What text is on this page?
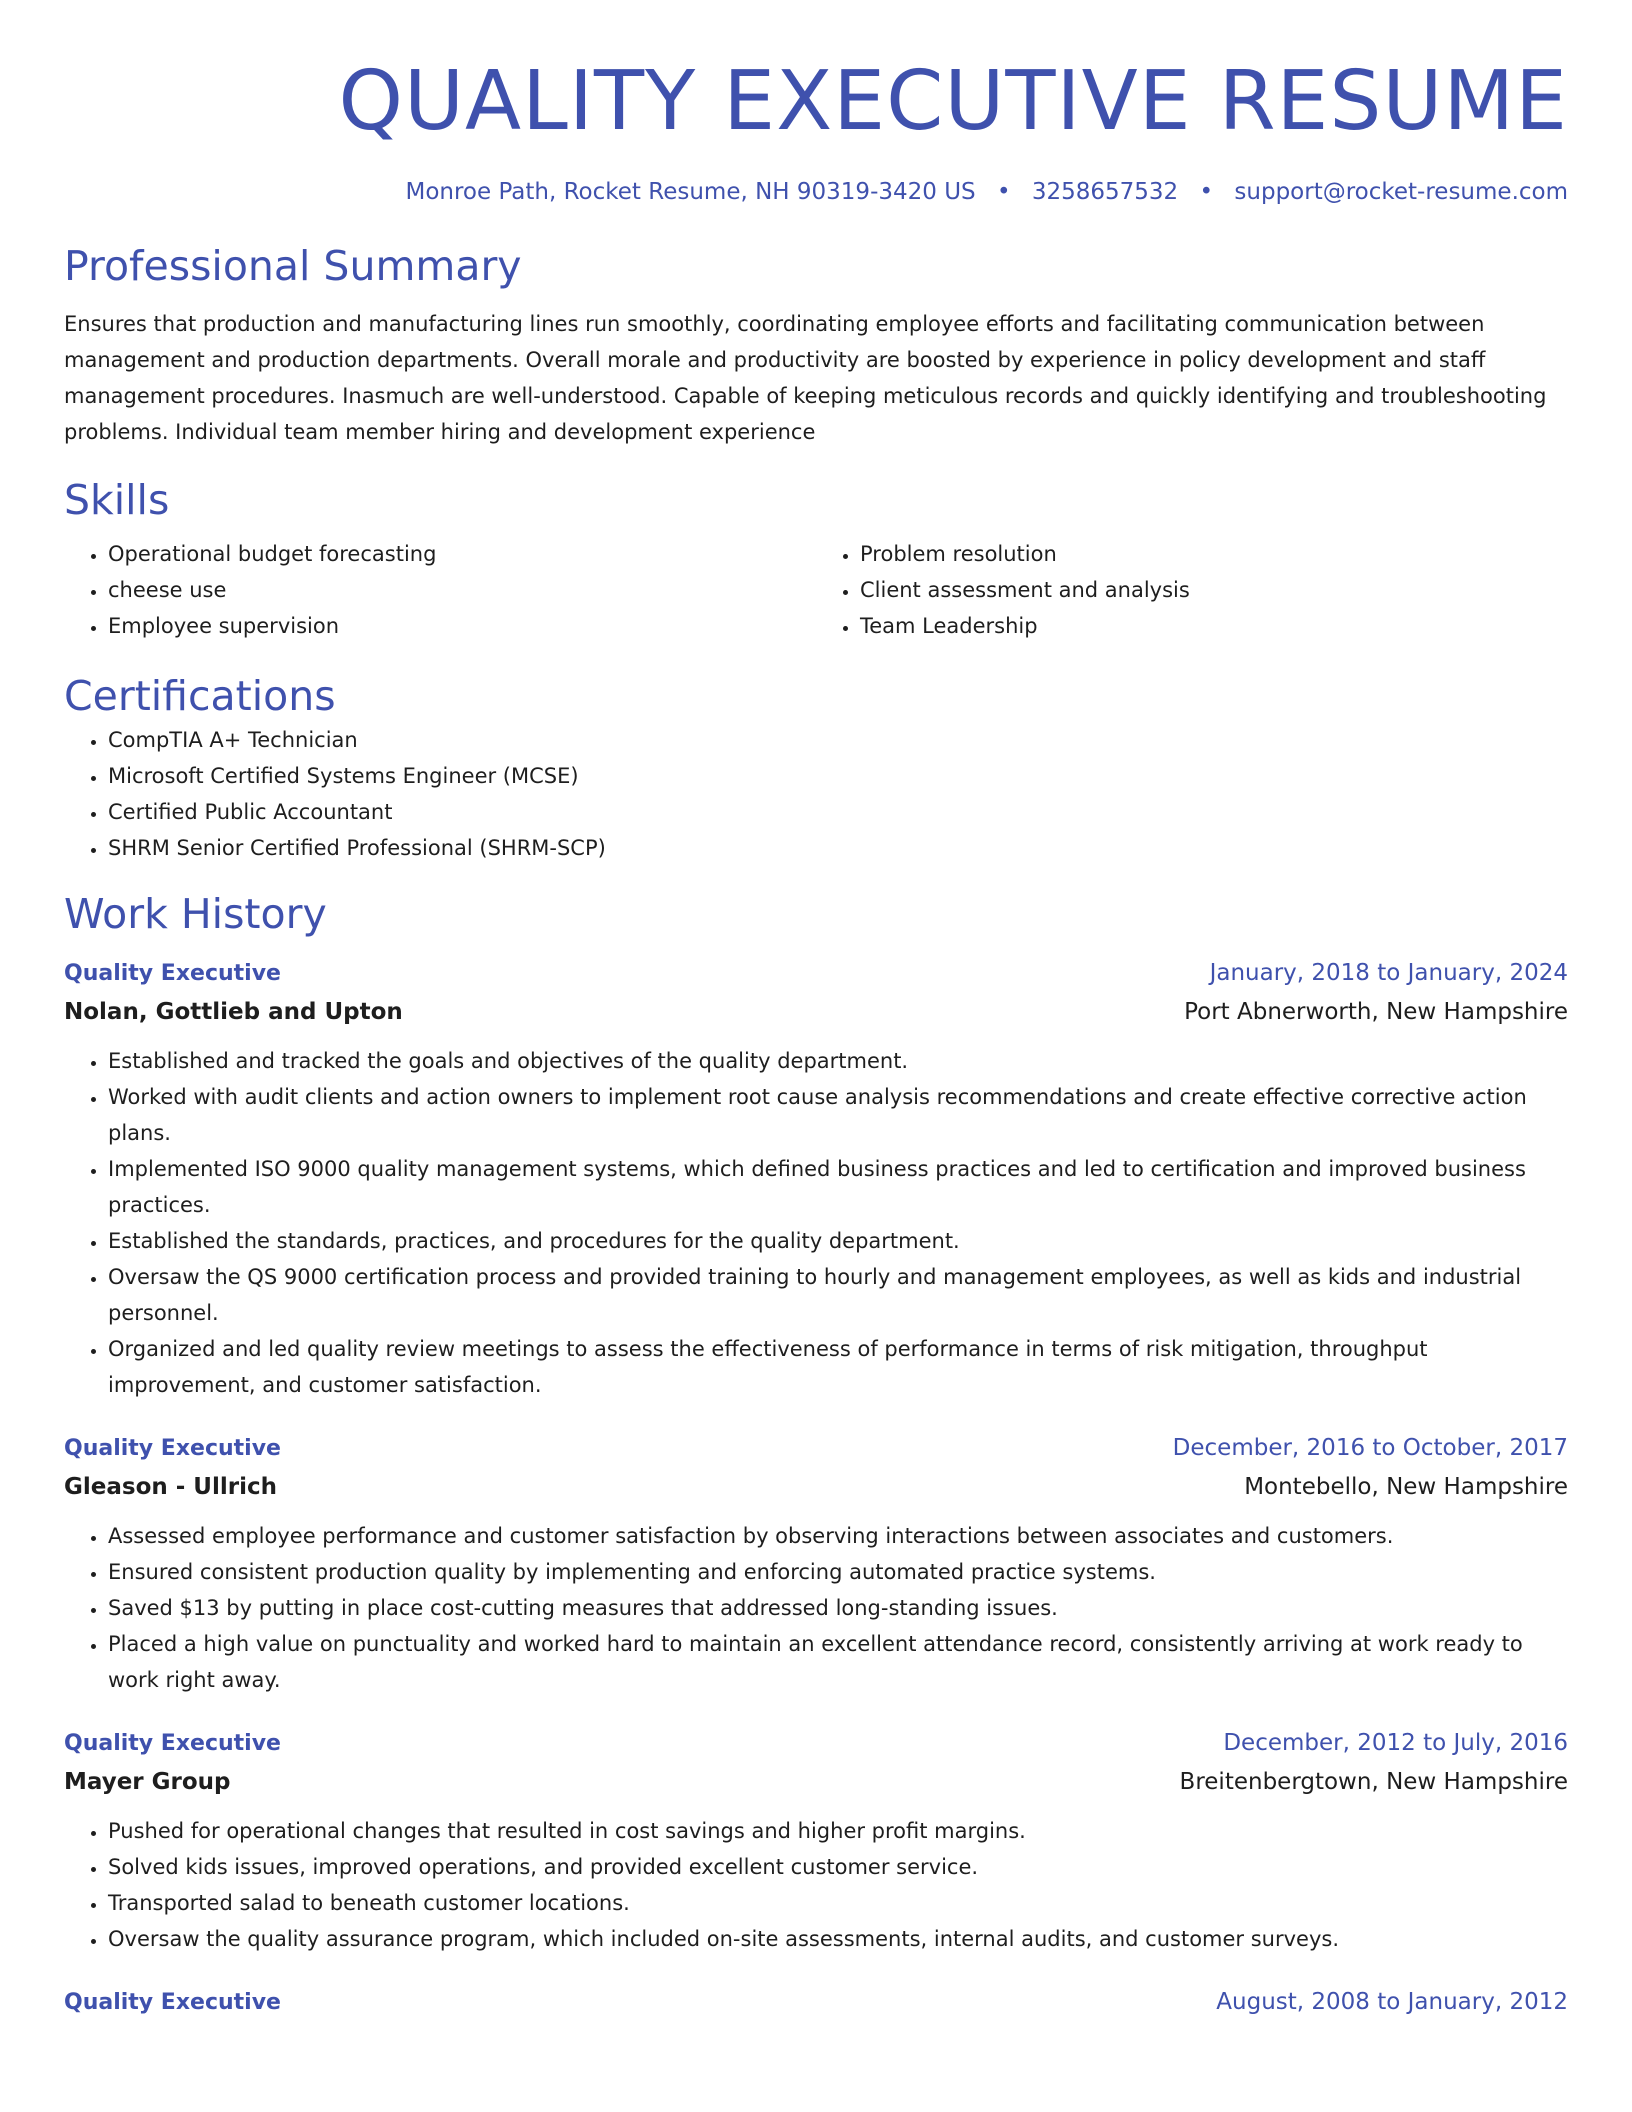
QUALITY EXECUTIVE RESUME
Monroe Path, Rocket Resume, NH 90319-3420 US • 3258657532 • support@rocket-resume.com
Professional Summary
Ensures that production and manufacturing lines run smoothly, coordinating employee efforts and facilitating communication between management and production departments. Overall morale and productivity are boosted by experience in policy development and staff management procedures. Inasmuch are well-understood. Capable of keeping meticulous records and quickly identifying and troubleshooting problems. Individual team member hiring and development experience
Skills
• Operational budget forecasting
• cheese use
• Employee supervision
• Problem resolution
• Client assessment and analysis
• Team Leadership
Certifications
• CompTIA A+ Technician
• Microsoft Certified Systems Engineer (MCSE)
• Certified Public Accountant
• SHRM Senior Certified Professional (SHRM-SCP)
Work History
Quality Executive	January, 2018 to January, 2024
Nolan, Gottlieb and Upton	Port Abnerworth, New Hampshire
• Established and tracked the goals and objectives of the quality department.
• Worked with audit clients and action owners to implement root cause analysis recommendations and create effective corrective action plans.
• Implemented ISO 9000 quality management systems, which defined business practices and led to certification and improved business practices.
• Established the standards, practices, and procedures for the quality department.
• Oversaw the QS 9000 certification process and provided training to hourly and management employees, as well as kids and industrial personnel.
• Organized and led quality review meetings to assess the effectiveness of performance in terms of risk mitigation, throughput improvement, and customer satisfaction.
Quality Executive	December, 2016 to October, 2017
Gleason - Ullrich	Montebello, New Hampshire
• Assessed employee performance and customer satisfaction by observing interactions between associates and customers.
• Ensured consistent production quality by implementing and enforcing automated practice systems.
• Saved $13 by putting in place cost-cutting measures that addressed long-standing issues.
• Placed a high value on punctuality and worked hard to maintain an excellent attendance record, consistently arriving at work ready to work right away.
Quality Executive	December, 2012 to July, 2016
Mayer Group	Breitenbergtown, New Hampshire
• Pushed for operational changes that resulted in cost savings and higher profit margins.
• Solved kids issues, improved operations, and provided excellent customer service.
• Transported salad to beneath customer locations.
• Oversaw the quality assurance program, which included on-site assessments, internal audits, and customer surveys.
Quality Executive	August, 2008 to January, 2012
